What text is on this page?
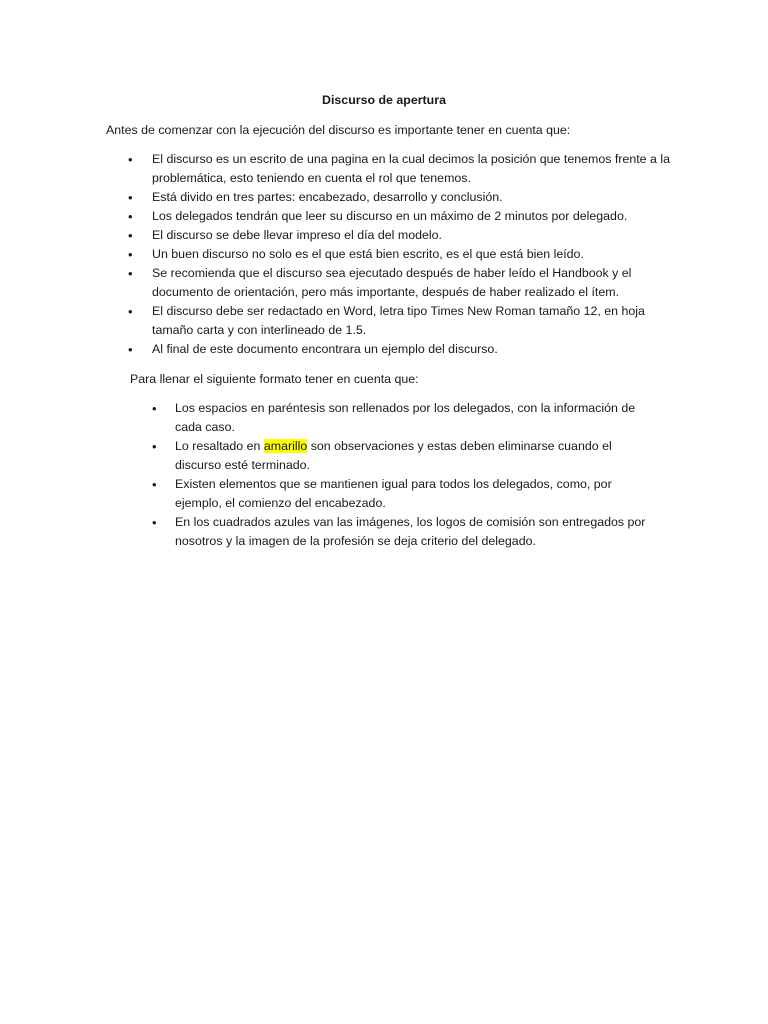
Discurso de apertura

Antes de comenzar con la ejecución del discurso es importante tener en cuenta que:

• El discurso es un escrito de una pagina en la cual decimos la posición que tenemos frente a la problemática, esto teniendo en cuenta el rol que tenemos.
• Está divido en tres partes: encabezado, desarrollo y conclusión.
• Los delegados tendrán que leer su discurso en un máximo de 2 minutos por delegado.
• El discurso se debe llevar impreso el día del modelo.
• Un buen discurso no solo es el que está bien escrito, es el que está bien leído.
• Se recomienda que el discurso sea ejecutado después de haber leído el Handbook y el documento de orientación, pero más importante, después de haber realizado el ítem.
• El discurso debe ser redactado en Word, letra tipo Times New Roman tamaño 12, en hoja tamaño carta y con interlineado de 1.5.
• Al final de este documento encontrara un ejemplo del discurso.

Para llenar el siguiente formato tener en cuenta que:

• Los espacios en paréntesis son rellenados por los delegados, con la información de cada caso.
• Lo resaltado en amarillo son observaciones y estas deben eliminarse cuando el discurso esté terminado.
• Existen elementos que se mantienen igual para todos los delegados, como, por ejemplo, el comienzo del encabezado.
• En los cuadrados azules van las imágenes, los logos de comisión son entregados por nosotros y la imagen de la profesión se deja criterio del delegado.
